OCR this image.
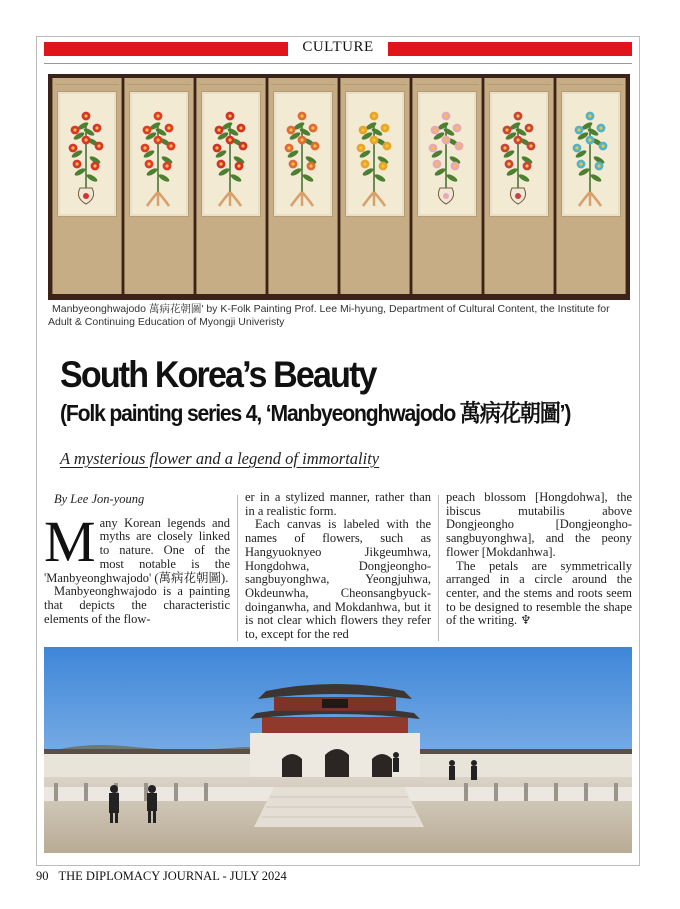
CULTURE
Manbyeonghwajodo 萬病花朝圖' by K-Folk Painting Prof. Lee Mi-hyung, Department of Cultural Content, the Institute for
Adult & Continuing Education of Myongji Univeristy
South Korea’s Beauty
(Folk painting series 4, ‘Manbyeonghwajodo 萬病花朝圖’)
A mysterious flower and a legend of immortality
By Lee Jon-young

Many Korean legends and myths are closely linked to nature. One of the most notable is the 'Manbyeonghwajodo' (萬病花朝圖).

Manbyeonghwajodo is a painting that depicts the characteristic elements of the flow-

er in a stylized manner, rather than in a realistic form.

Each canvas is labeled with the names of flowers, such as Hangyuoknyeo Jikgeumhwa, Hongdohwa, Dongjeongho-sangbuyonghwa, Yeongjuhwa, Okdeunwha, Cheonsangbyuck-doinganwha, and Mokdanhwa, but it is not clear which flowers they refer to, except for the red

peach blossom [Hongdohwa], the ibiscus mutabilis above Dongjeongho [Dongjeongho-sangbuyonghwa], and the peony flower [Mokdanhwa].

The petals are symmetrically arranged in a circle around the center, and the stems and roots seem to be designed to resemble the shape of the writing. ♆

90 THE DIPLOMACY JOURNAL - JULY 2024
